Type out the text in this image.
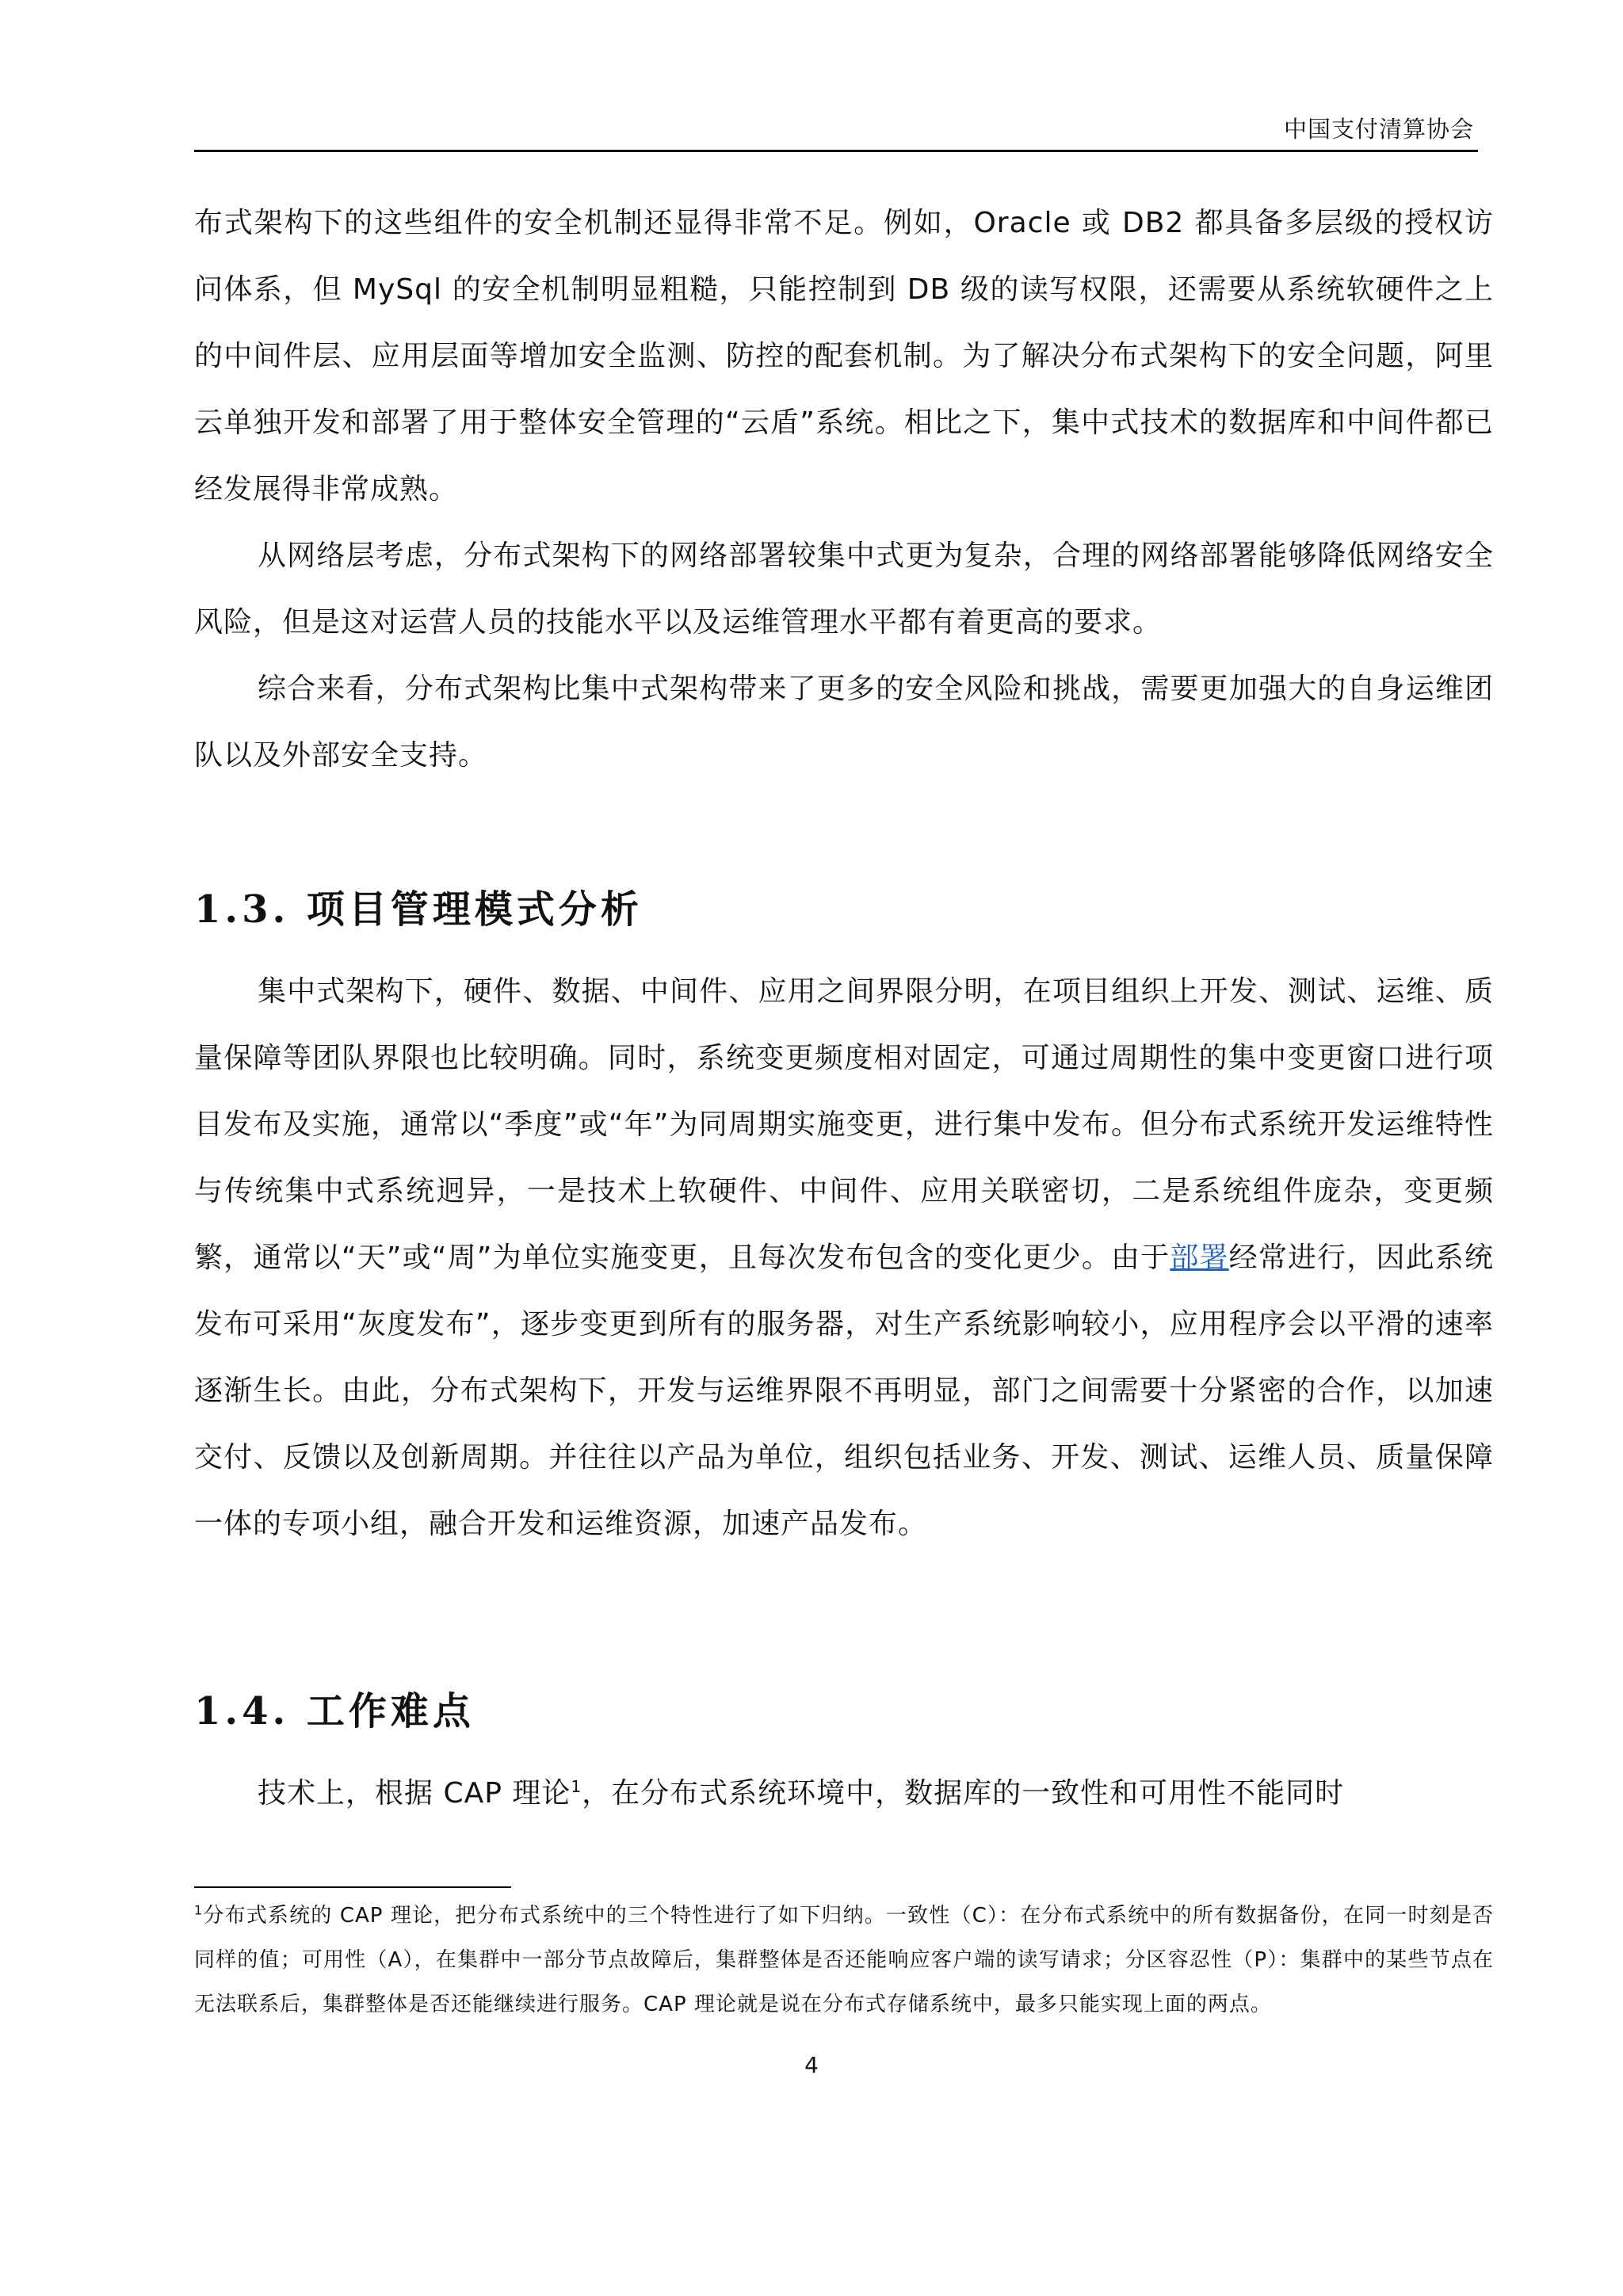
中国支付清算协会

布式架构下的这些组件的安全机制还显得非常不足。例如，Oracle 或 DB2 都具备多层级的授权访问体系，但 MySql 的安全机制明显粗糙，只能控制到 DB 级的读写权限，还需要从系统软硬件之上的中间件层、应用层面等增加安全监测、防控的配套机制。为了解决分布式架构下的安全问题，阿里云单独开发和部署了用于整体安全管理的“云盾”系统。相比之下，集中式技术的数据库和中间件都已经发展得非常成熟。

从网络层考虑，分布式架构下的网络部署较集中式更为复杂，合理的网络部署能够降低网络安全风险，但是这对运营人员的技能水平以及运维管理水平都有着更高的要求。

综合来看，分布式架构比集中式架构带来了更多的安全风险和挑战，需要更加强大的自身运维团队以及外部安全支持。

1.3. 项目管理模式分析

集中式架构下，硬件、数据、中间件、应用之间界限分明，在项目组织上开发、测试、运维、质量保障等团队界限也比较明确。同时，系统变更频度相对固定，可通过周期性的集中变更窗口进行项目发布及实施，通常以“季度”或“年”为同周期实施变更，进行集中发布。但分布式系统开发运维特性与传统集中式系统迥异，一是技术上软硬件、中间件、应用关联密切，二是系统组件庞杂，变更频繁，通常以“天”或“周”为单位实施变更，且每次发布包含的变化更少。由于部署经常进行，因此系统发布可采用“灰度发布”，逐步变更到所有的服务器，对生产系统影响较小，应用程序会以平滑的速率逐渐生长。由此，分布式架构下，开发与运维界限不再明显，部门之间需要十分紧密的合作，以加速交付、反馈以及创新周期。并往往以产品为单位，组织包括业务、开发、测试、运维人员、质量保障一体的专项小组，融合开发和运维资源，加速产品发布。

1.4. 工作难点

技术上，根据 CAP 理论$^1$，在分布式系统环境中，数据库的一致性和可用性不能同时

$^1$分布式系统的 CAP 理论，把分布式系统中的三个特性进行了如下归纳。一致性（C）：在分布式系统中的所有数据备份，在同一时刻是否同样的值；可用性（A），在集群中一部分节点故障后，集群整体是否还能响应客户端的读写请求；分区容忍性（P）：集群中的某些节点在无法联系后，集群整体是否还能继续进行服务。CAP 理论就是说在分布式存储系统中，最多只能实现上面的两点。
4
